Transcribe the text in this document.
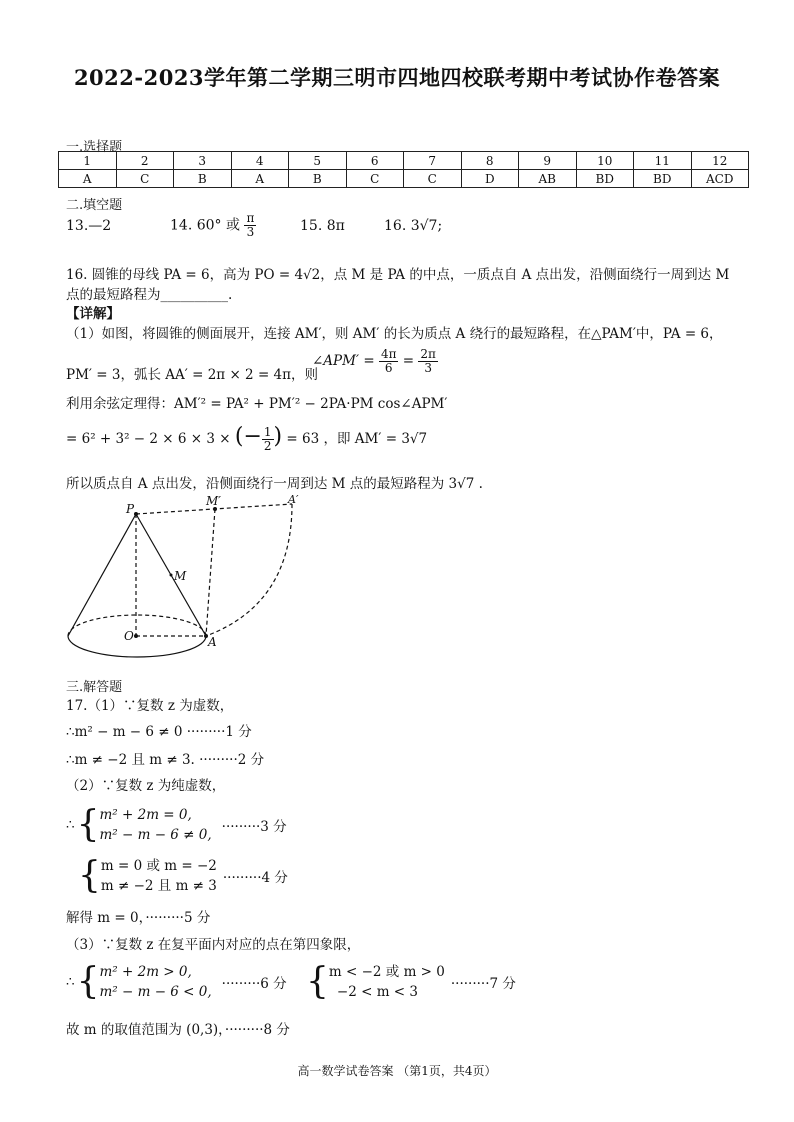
2022-2023学年第二学期三明市四地四校联考期中考试协作卷答案
一.选择题
1	2	3	4	5	6	7	8	9	10	11	12
A	C	B	A	B	C	C	D	AB	BD	BD	ACD
二.填空题
13.—2	14. 60° 或 $\frac{\pi}{3}$	15. 8π	16. 3√7;
16. 圆锥的母线 PA = 6，高为 PO = 4√2，点 M 是 PA 的中点，一质点自 A 点出发，沿侧面绕行一周到达 M
点的最短路程为__________.
【详解】
（1）如图，将圆锥的侧面展开，连接 AM′，则 AM′ 的长为质点 A 绕行的最短路程，在△PAM′中，PA = 6，
PM′ = 3，弧长 AA′ = 2π × 2 = 4π，则
∠APM′ = $\frac{4\pi}{6} = \frac{2\pi}{3}$
利用余弦定理得：AM′² = PA² + PM′² − 2PA·PM cos∠APM′
= 6² + 3² − 2 × 6 × 3 × (− $\frac{1}{2}$ ) = 63 ，即 AM′ = 3√7
所以质点自 A 点出发，沿侧面绕行一周到达 M 点的最短路程为 3√7 .
P
M′	A′
M
O	A
三.解答题
17.（1）∵复数 z 为虚数，
∴m² − m − 6 ≠ 0 ·········1 分
∴m ≠ −2 且 m ≠ 3. ·········2 分
（2）∵复数 z 为纯虚数，
∴ { m² + 2m = 0,
m² − m − 6 ≠ 0, ·········3 分
{ m = 0 或 m = −2
m ≠ −2 且 m ≠ 3 ·········4 分
解得 m = 0，·········5 分
（3）∵复数 z 在复平面内对应的点在第四象限，
∴ { m² + 2m > 0,
m² − m − 6 < 0, ·········6 分 { m < −2 或 m > 0
−2 < m < 3	·········7 分
故 m 的取值范围为 (0,3)，·········8 分
高一数学试卷答案 （第1页，共4页）
